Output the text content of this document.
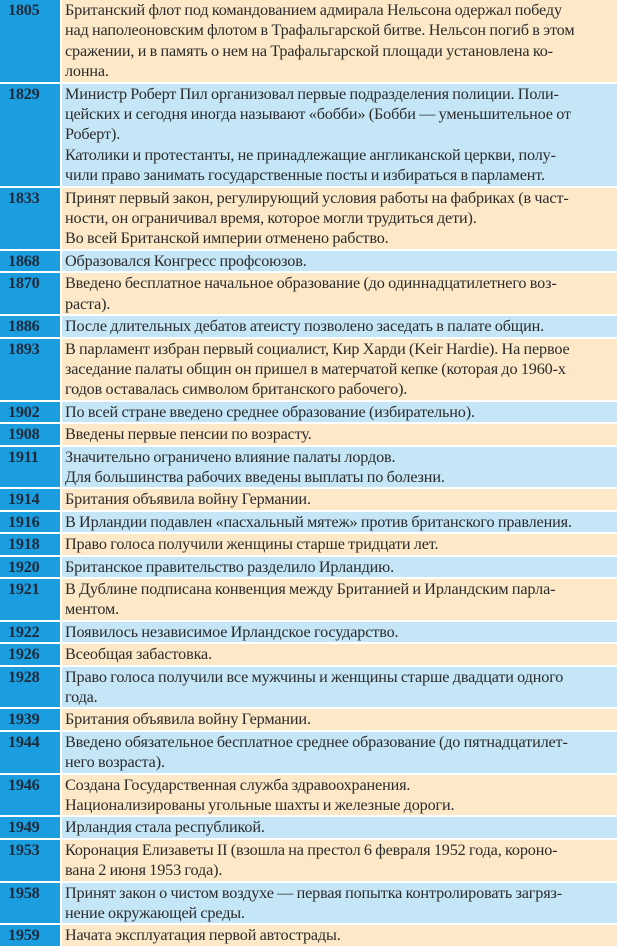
1805	Британский флот под командованием адмирала Нельсона одержал победу
над наполеоновским флотом в Трафальгарской битве. Нельсон погиб в этом
сражении, и в память о нем на Трафальгарской площади установлена ко-
лонна.
1829	Министр Роберт Пил организовал первые подразделения полиции. Поли-
цейских и сегодня иногда называют «бобби» (Бобби — уменьшительное от
Роберт).
Католики и протестанты, не принадлежащие англиканской церкви, полу-
чили право занимать государственные посты и избираться в парламент.
1833	Принят первый закон, регулирующий условия работы на фабриках (в част-
ности, он ограничивал время, которое могли трудиться дети).
Во всей Британской империи отменено рабство.
1868	Образовался Конгресс профсоюзов.
1870	Введено бесплатное начальное образование (до одиннадцатилетнего воз-
раста).
1886	После длительных дебатов атеисту позволено заседать в палате общин.
1893	В парламент избран первый социалист, Кир Харди (Keir Hardie). На первое
заседание палаты общин он пришел в матерчатой кепке (которая до 1960-х
годов оставалась символом британского рабочего).
1902	По всей стране введено среднее образование (избирательно).
1908	Введены первые пенсии по возрасту.
1911	Значительно ограничено влияние палаты лордов.
Для большинства рабочих введены выплаты по болезни.
1914	Британия объявила войну Германии.
1916	В Ирландии подавлен «пасхальный мятеж» против британского правления.
1918	Право голоса получили женщины старше тридцати лет.
1920	Британское правительство разделило Ирландию.
1921	В Дублине подписана конвенция между Британией и Ирландским парла-
ментом.
1922	Появилось независимое Ирландское государство.
1926	Всеобщая забастовка.
1928	Право голоса получили все мужчины и женщины старше двадцати одного
года.
1939	Британия объявила войну Германии.
1944	Введено обязательное бесплатное среднее образование (до пятнадцатилет-
него возраста).
1946	Создана Государственная служба здравоохранения.
Национализированы угольные шахты и железные дороги.
1949	Ирландия стала республикой.
1953	Коронация Елизаветы II (взошла на престол 6 февраля 1952 года, короно-
вана 2 июня 1953 года).
1958	Принят закон о чистом воздухе — первая попытка контролировать загряз-
нение окружающей среды.
1959	Начата эксплуатация первой автострады.
